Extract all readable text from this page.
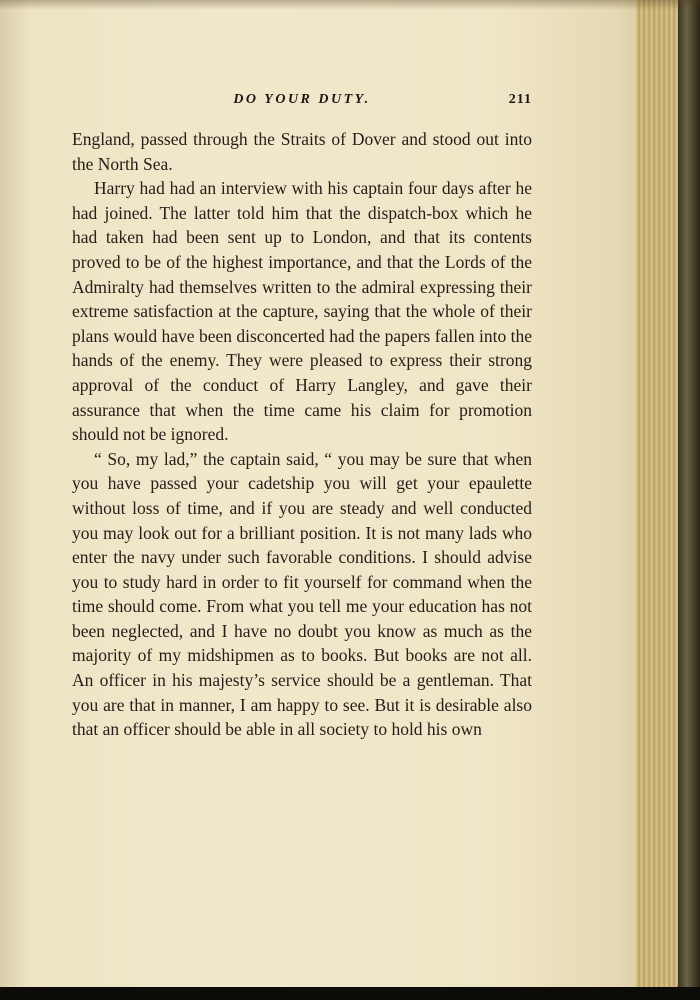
DO YOUR DUTY.	211

England, passed through the Straits of Dover and stood out into the North Sea.

Harry had had an interview with his captain four days after he had joined. The latter told him that the dispatch-box which he had taken had been sent up to London, and that its contents proved to be of the highest importance, and that the Lords of the Admiralty had themselves written to the admiral expressing their extreme satisfaction at the capture, saying that the whole of their plans would have been disconcerted had the papers fallen into the hands of the enemy. They were pleased to express their strong approval of the conduct of Harry Langley, and gave their assurance that when the time came his claim for promotion should not be ignored.

“ So, my lad,” the captain said, “ you may be sure that when you have passed your cadetship you will get your epaulette without loss of time, and if you are steady and well conducted you may look out for a brilliant position. It is not many lads who enter the navy under such favorable conditions. I should advise you to study hard in order to fit yourself for command when the time should come. From what you tell me your education has not been neglected, and I have no doubt you know as much as the majority of my midshipmen as to books. But books are not all. An officer in his majesty’s service should be a gentleman. That you are that in manner, I am happy to see. But it is desirable also that an officer should be able in all society to hold his own
